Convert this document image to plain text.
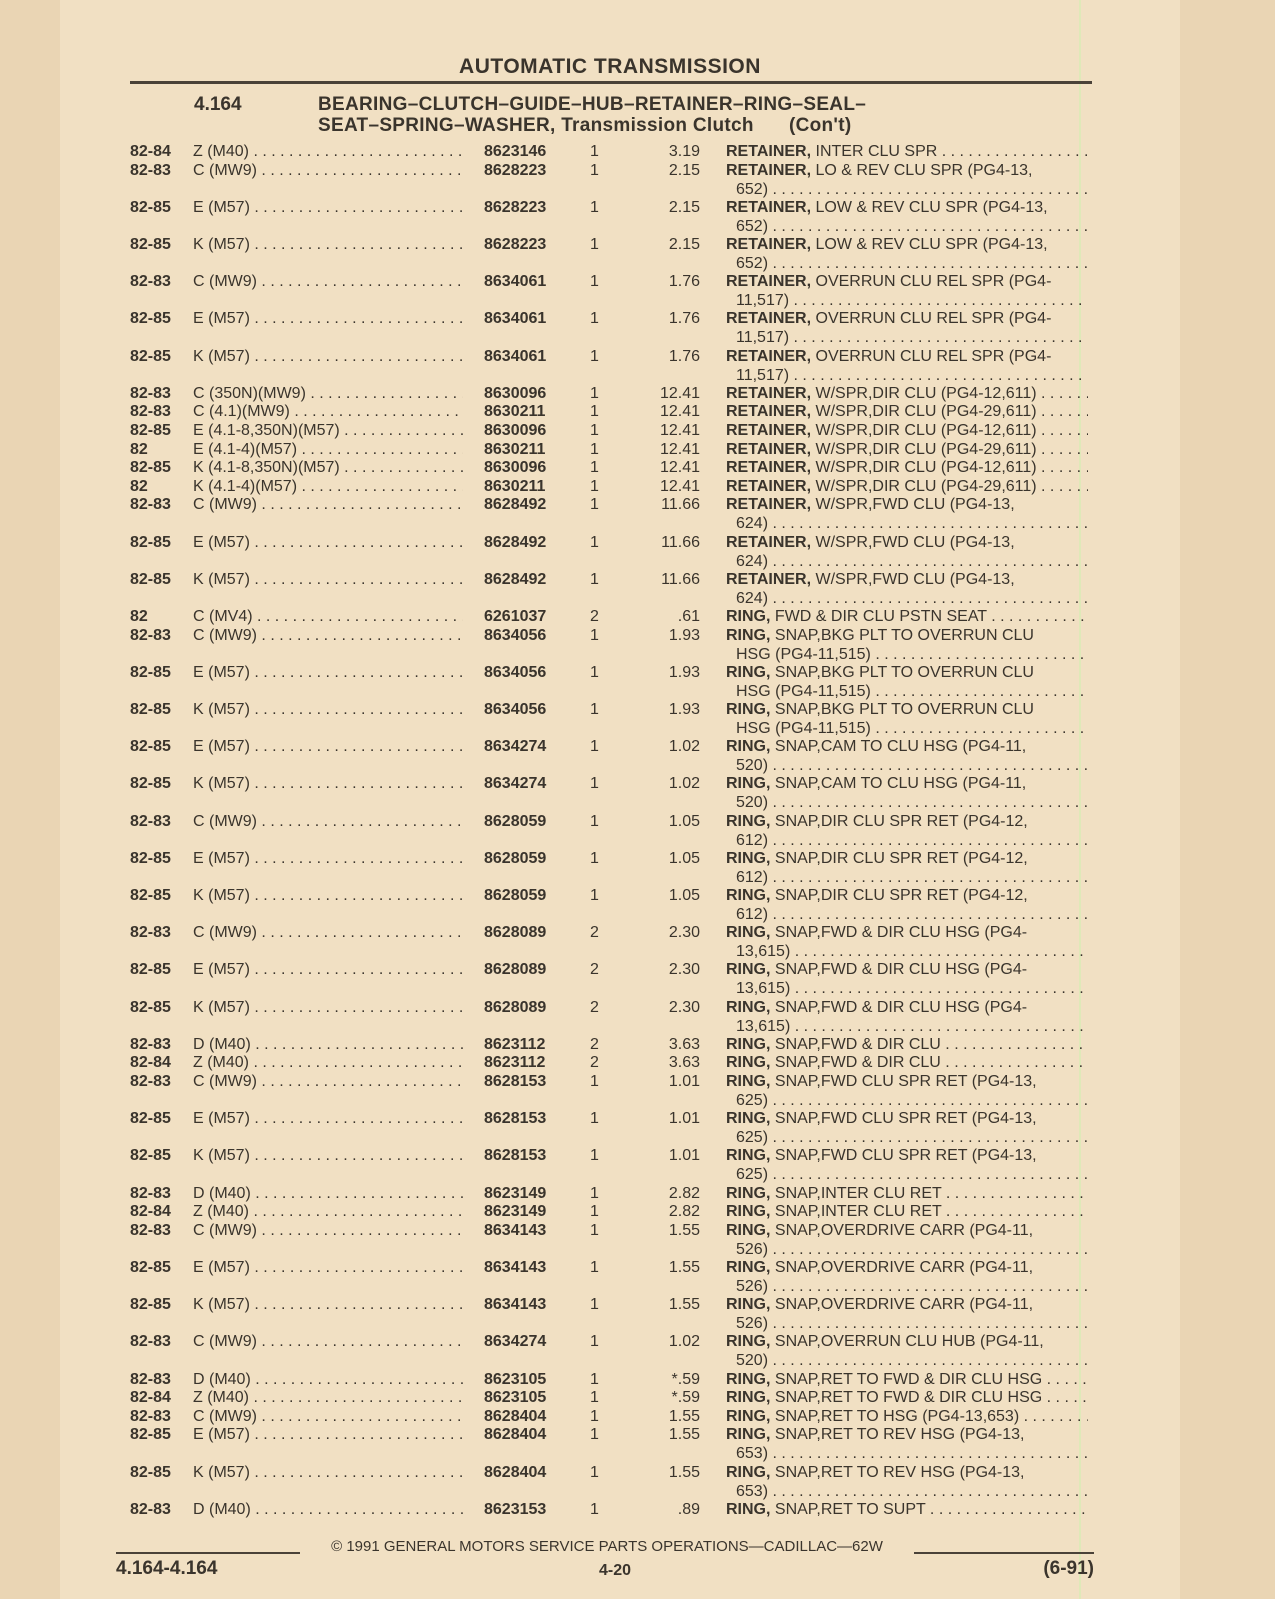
AUTOMATIC TRANSMISSION
4.164	BEARING–CLUTCH–GUIDE–HUB–RETAINER–RING–SEAL–
SEAT–SPRING–WASHER, Transmission Clutch (Con't)
82-84 Z (M40) . . .	8623146	1	3.19 RETAINER, INTER CLU SPR . . .
82-83 C (MW9) . . .	8628223	1	2.15 RETAINER, LO & REV CLU SPR (PG4-13,
652) . . .
82-85 E (M57) . . .	8628223	1	2.15 RETAINER, LOW & REV CLU SPR (PG4-13,
652) . . .
82-85 K (M57) . . .	8628223	1	2.15 RETAINER, LOW & REV CLU SPR (PG4-13,
652) . . .
82-83 C (MW9) . . .	8634061	1	1.76 RETAINER, OVERRUN CLU REL SPR (PG4-
11,517) . . .
82-85 E (M57) . . .	8634061	1	1.76 RETAINER, OVERRUN CLU REL SPR (PG4-
11,517) . . .
82-85 K (M57) . . .	8634061	1	1.76 RETAINER, OVERRUN CLU REL SPR (PG4-
11,517) . . .
82-83 C (350N)(MW9) . . .	8630096	1	12.41 RETAINER, W/SPR,DIR CLU (PG4-12,611) . . .
82-83 C (4.1)(MW9) . . .	8630211	1	12.41 RETAINER, W/SPR,DIR CLU (PG4-29,611) . . .
82-85 E (4.1-8,350N)(M57) . . .	8630096	1	12.41 RETAINER, W/SPR,DIR CLU (PG4-12,611) . . .
82	E (4.1-4)(M57) . . .	8630211	1	12.41 RETAINER, W/SPR,DIR CLU (PG4-29,611) . . .
82-85 K (4.1-8,350N)(M57) . . .	8630096	1	12.41 RETAINER, W/SPR,DIR CLU (PG4-12,611) . . .
82	K (4.1-4)(M57) . . .	8630211	1	12.41 RETAINER, W/SPR,DIR CLU (PG4-29,611) . . .
82-83 C (MW9) . . .	8628492	1	11.66 RETAINER, W/SPR,FWD CLU (PG4-13,
624) . . .
82-85 E (M57) . . .	8628492	1	11.66 RETAINER, W/SPR,FWD CLU (PG4-13,
624) . . .
82-85 K (M57) . . .	8628492	1	11.66 RETAINER, W/SPR,FWD CLU (PG4-13,
624) . . .
82	C (MV4) . . .	6261037	2	.61 RING, FWD & DIR CLU PSTN SEAT . . .
82-83 C (MW9) . . .	8634056	1	1.93 RING, SNAP,BKG PLT TO OVERRUN CLU
HSG (PG4-11,515) . . .
82-85 E (M57) . . .	8634056	1	1.93 RING, SNAP,BKG PLT TO OVERRUN CLU
HSG (PG4-11,515) . . .
82-85 K (M57) . . .	8634056	1	1.93 RING, SNAP,BKG PLT TO OVERRUN CLU
HSG (PG4-11,515) . . .
82-85 E (M57) . . .	8634274	1	1.02 RING, SNAP,CAM TO CLU HSG (PG4-11,
520) . . .
82-85 K (M57) . . .	8634274	1	1.02 RING, SNAP,CAM TO CLU HSG (PG4-11,
520) . . .
82-83 C (MW9) . . .	8628059	1	1.05 RING, SNAP,DIR CLU SPR RET (PG4-12,
612) . . .
82-85 E (M57) . . .	8628059	1	1.05 RING, SNAP,DIR CLU SPR RET (PG4-12,
612) . . .
82-85 K (M57) . . .	8628059	1	1.05 RING, SNAP,DIR CLU SPR RET (PG4-12,
612) . . .
82-83 C (MW9) . . .	8628089	2	2.30 RING, SNAP,FWD & DIR CLU HSG (PG4-
13,615) . . .
82-85 E (M57) . . .	8628089	2	2.30 RING, SNAP,FWD & DIR CLU HSG (PG4-
13,615) . . .
82-85 K (M57) . . .	8628089	2	2.30 RING, SNAP,FWD & DIR CLU HSG (PG4-
13,615) . . .
82-83 D (M40) . . .	8623112	2	3.63 RING, SNAP,FWD & DIR CLU . . .
82-84 Z (M40) . . .	8623112	2	3.63 RING, SNAP,FWD & DIR CLU . . .
82-83 C (MW9) . . .	8628153	1	1.01 RING, SNAP,FWD CLU SPR RET (PG4-13,
625) . . .
82-85 E (M57) . . .	8628153	1	1.01 RING, SNAP,FWD CLU SPR RET (PG4-13,
625) . . .
82-85 K (M57) . . .	8628153	1	1.01 RING, SNAP,FWD CLU SPR RET (PG4-13,
625) . . .
82-83 D (M40) . . .	8623149	1	2.82 RING, SNAP,INTER CLU RET . . .
82-84 Z (M40) . . .	8623149	1	2.82 RING, SNAP,INTER CLU RET . . .
82-83 C (MW9) . . .	8634143	1	1.55 RING, SNAP,OVERDRIVE CARR (PG4-11,
526) . . .
82-85 E (M57) . . .	8634143	1	1.55 RING, SNAP,OVERDRIVE CARR (PG4-11,
526) . . .
82-85 K (M57) . . .	8634143	1	1.55 RING, SNAP,OVERDRIVE CARR (PG4-11,
526) . . .
82-83 C (MW9) . . .	8634274	1	1.02 RING, SNAP,OVERRUN CLU HUB (PG4-11,
520) . . .
82-83 D (M40) . . .	8623105	1	*.59 RING, SNAP,RET TO FWD & DIR CLU HSG . . .
82-84 Z (M40) . . .	8623105	1	*.59 RING, SNAP,RET TO FWD & DIR CLU HSG . . .
82-83 C (MW9) . . .	8628404	1	1.55 RING, SNAP,RET TO HSG (PG4-13,653) . . .
82-85 E (M57) . . .	8628404	1	1.55 RING, SNAP,RET TO REV HSG (PG4-13,
653) . . .
82-85 K (M57) . . .	8628404	1	1.55 RING, SNAP,RET TO REV HSG (PG4-13,
653) . . .
82-83 D (M40) . . .	8623153	1	.89 RING, SNAP,RET TO SUPT . . .
© 1991 GENERAL MOTORS SERVICE PARTS OPERATIONS—CADILLAC—62W
4.164-4.164	4-20	(6-91)
